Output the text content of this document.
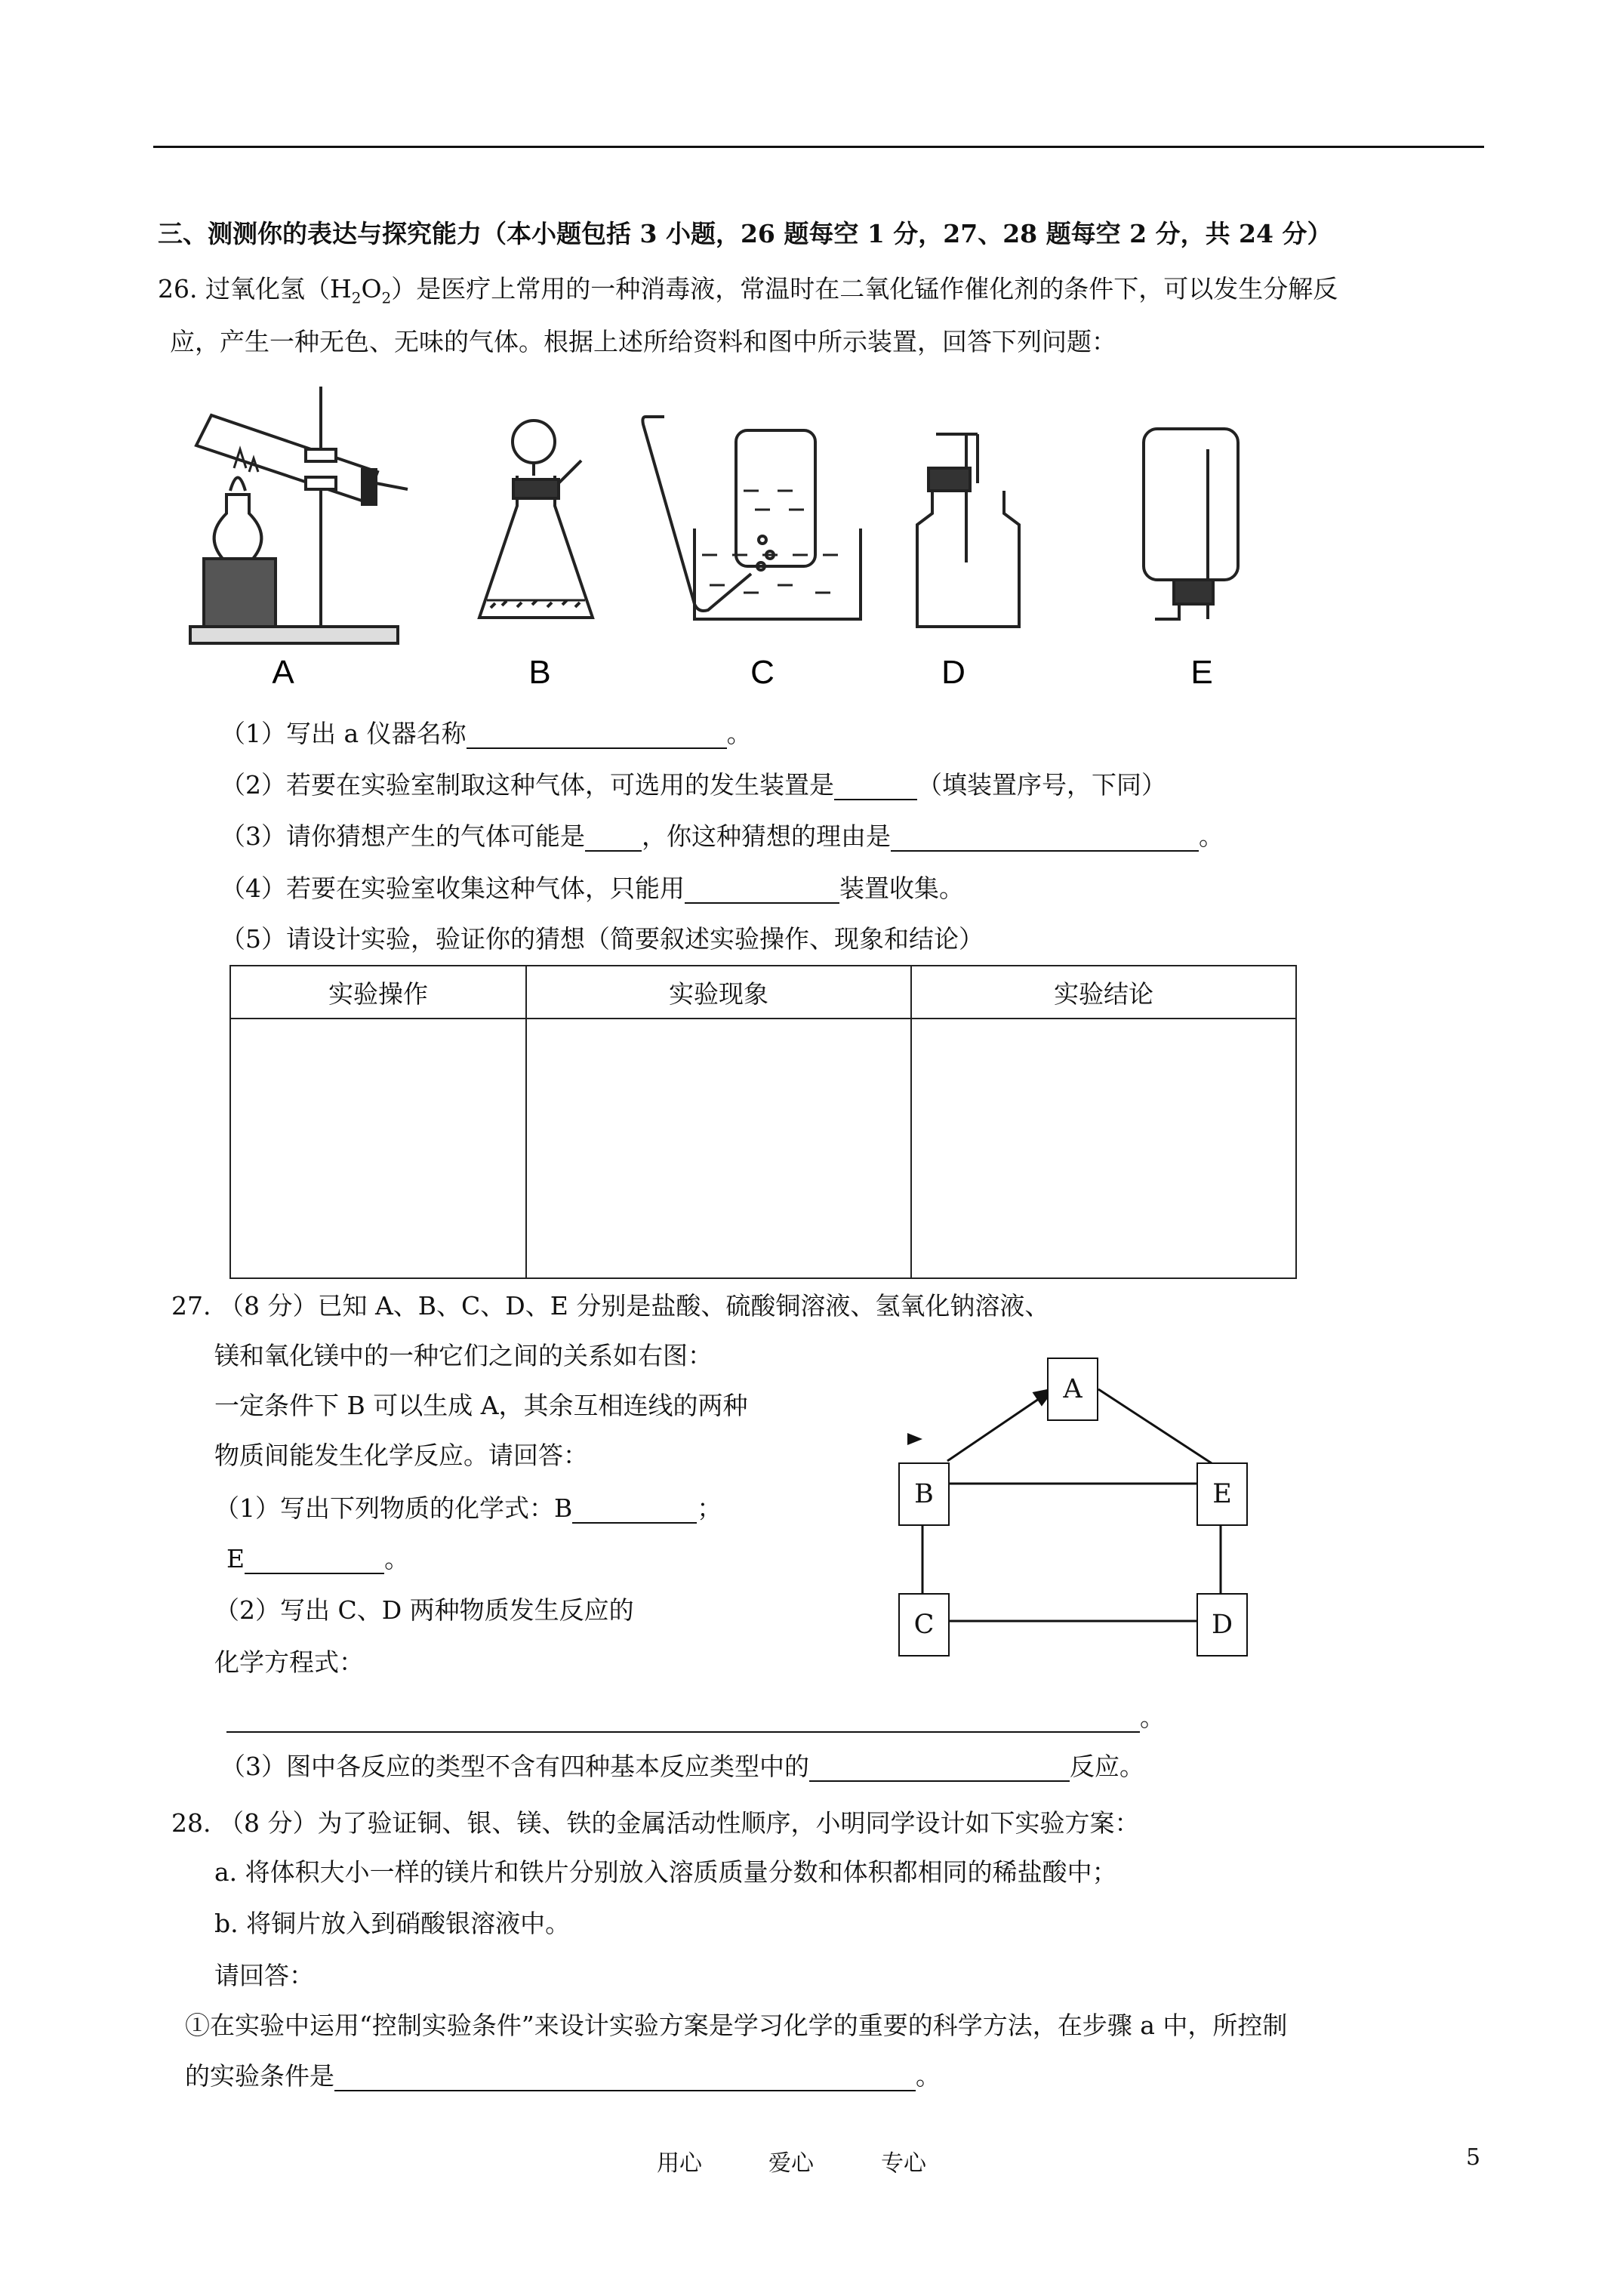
三、测测你的表达与探究能力（本小题包括 3 小题，26 题每空 1 分，27、28 题每空 2 分，共 24 分）
26. 过氧化氢$(H_2O_2)$是医疗上常用的一种消毒液，常温时在二氧化锰作催化剂的条件下，可以发生分解反
应，产生一种无色、无味的气体。根据上述所给资料和图中所示装置，回答下列问题：
A	B	C	D	E
（1）写出 a 仪器名称	。
（2）若要在实验室制取这种气体，可选用的发生装置是	（填装置序号，下同）
（3）请你猜想产生的气体可能是 ，你这种猜想的理由是	。
（4）若要在实验室收集这种气体，只能用	装置收集。
（5）请设计实验，验证你的猜想（简要叙述实验操作、现象和结论）
实验操作	实验现象	实验结论

27. （8 分）已知 A、B、C、D、E 分别是盐酸、硫酸铜溶液、氢氧化钠溶液、
镁和氧化镁中的一种它们之间的关系如右图：
一定条件下 B 可以生成 A，其余互相连线的两种
物质间能发生化学反应。请回答：
（1）写出下列物质的化学式：B	；
E	。
（2）写出 C、D 两种物质发生反应的
化学方程式：
。
（3）图中各反应的类型不含有四种基本反应类型中的	反应。
A
B	E
C	D
28. （8 分）为了验证铜、银、镁、铁的金属活动性顺序，小明同学设计如下实验方案：
a. 将体积大小一样的镁片和铁片分别放入溶质质量分数和体积都相同的稀盐酸中；
b. 将铜片放入到硝酸银溶液中。
请回答：
①在实验中运用“控制实验条件”来设计实验方案是学习化学的重要的科学方法，在步骤 a 中，所控制
的实验条件是	。
用心	爱心	专心	5
